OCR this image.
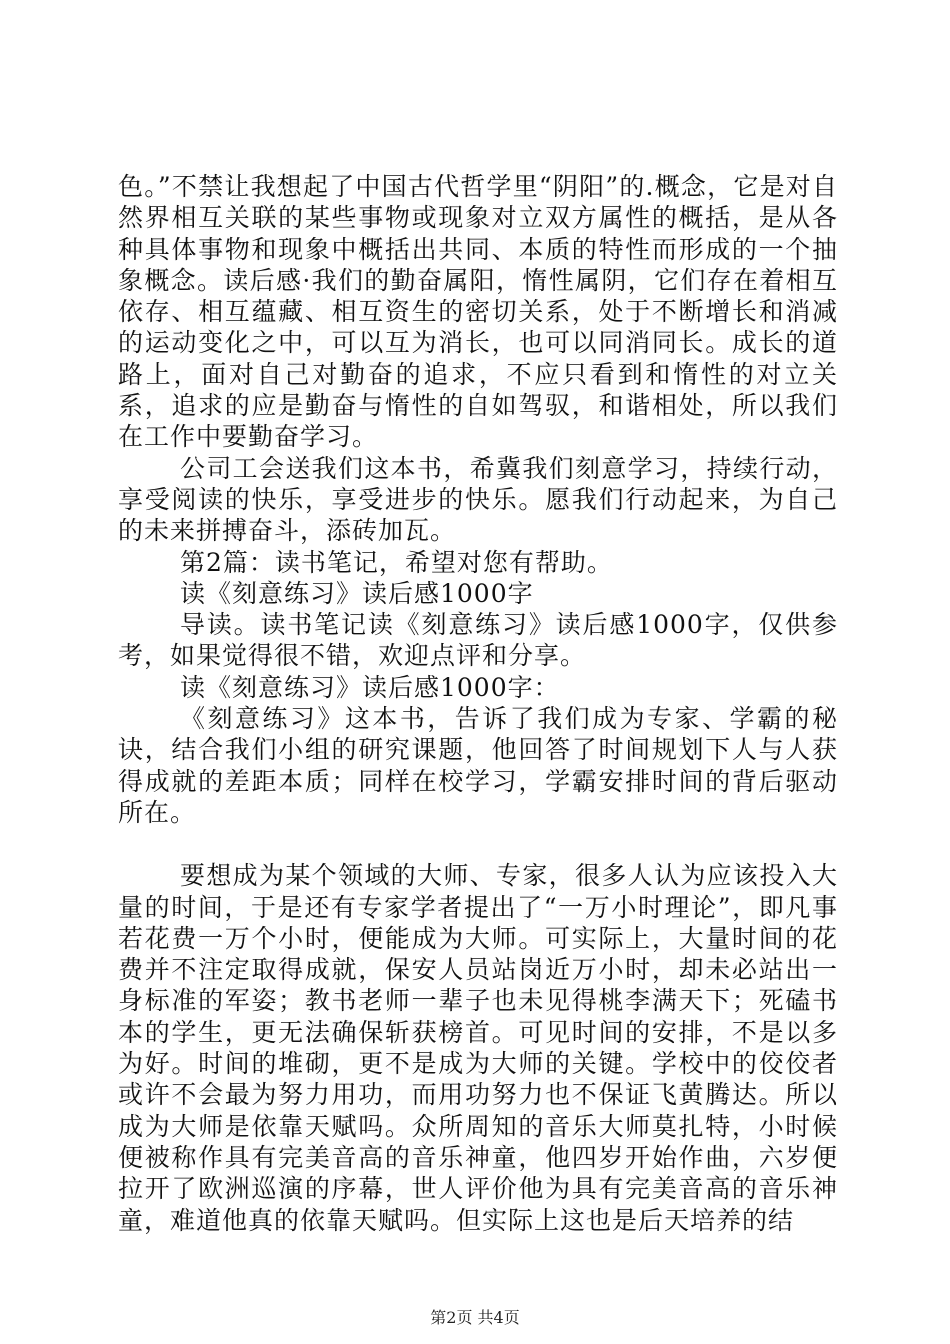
色。”不禁让我想起了中国古代哲学里“阴阳”的.概念，它是对自然界相互关联的某些事物或现象对立双方属性的概括，是从各种具体事物和现象中概括出共同、本质的特性而形成的一个抽象概念。读后感·我们的勤奋属阳，惰性属阴，它们存在着相互依存、相互蕴藏、相互资生的密切关系，处于不断增长和消减的运动变化之中，可以互为消长，也可以同消同长。成长的道路上，面对自己对勤奋的追求，不应只看到和惰性的对立关系，追求的应是勤奋与惰性的自如驾驭，和谐相处，所以我们在工作中要勤奋学习。

公司工会送我们这本书，希冀我们刻意学习，持续行动，享受阅读的快乐，享受进步的快乐。愿我们行动起来，为自己的未来拼搏奋斗，添砖加瓦。

第2篇：读书笔记，希望对您有帮助。

读《刻意练习》读后感1000字

导读。读书笔记读《刻意练习》读后感1000字，仅供参考，如果觉得很不错，欢迎点评和分享。

读《刻意练习》读后感1000字：

《刻意练习》这本书，告诉了我们成为专家、学霸的秘诀，结合我们小组的研究课题，他回答了时间规划下人与人获得成就的差距本质；同样在校学习，学霸安排时间的背后驱动所在。

要想成为某个领域的大师、专家，很多人认为应该投入大量的时间，于是还有专家学者提出了“一万小时理论”，即凡事若花费一万个小时，便能成为大师。可实际上，大量时间的花费并不注定取得成就，保安人员站岗近万小时，却未必站出一身标准的军姿；教书老师一辈子也未见得桃李满天下；死磕书本的学生，更无法确保斩获榜首。可见时间的安排，不是以多为好。时间的堆砌，更不是成为大师的关键。学校中的佼佼者或许不会最为努力用功，而用功努力也不保证飞黄腾达。所以成为大师是依靠天赋吗。众所周知的音乐大师莫扎特，小时候便被称作具有完美音高的音乐神童，他四岁开始作曲，六岁便拉开了欧洲巡演的序幕，世人评价他为具有完美音高的音乐神童，难道他真的依靠天赋吗。但实际上这也是后天培养的结

第2页 共4页
